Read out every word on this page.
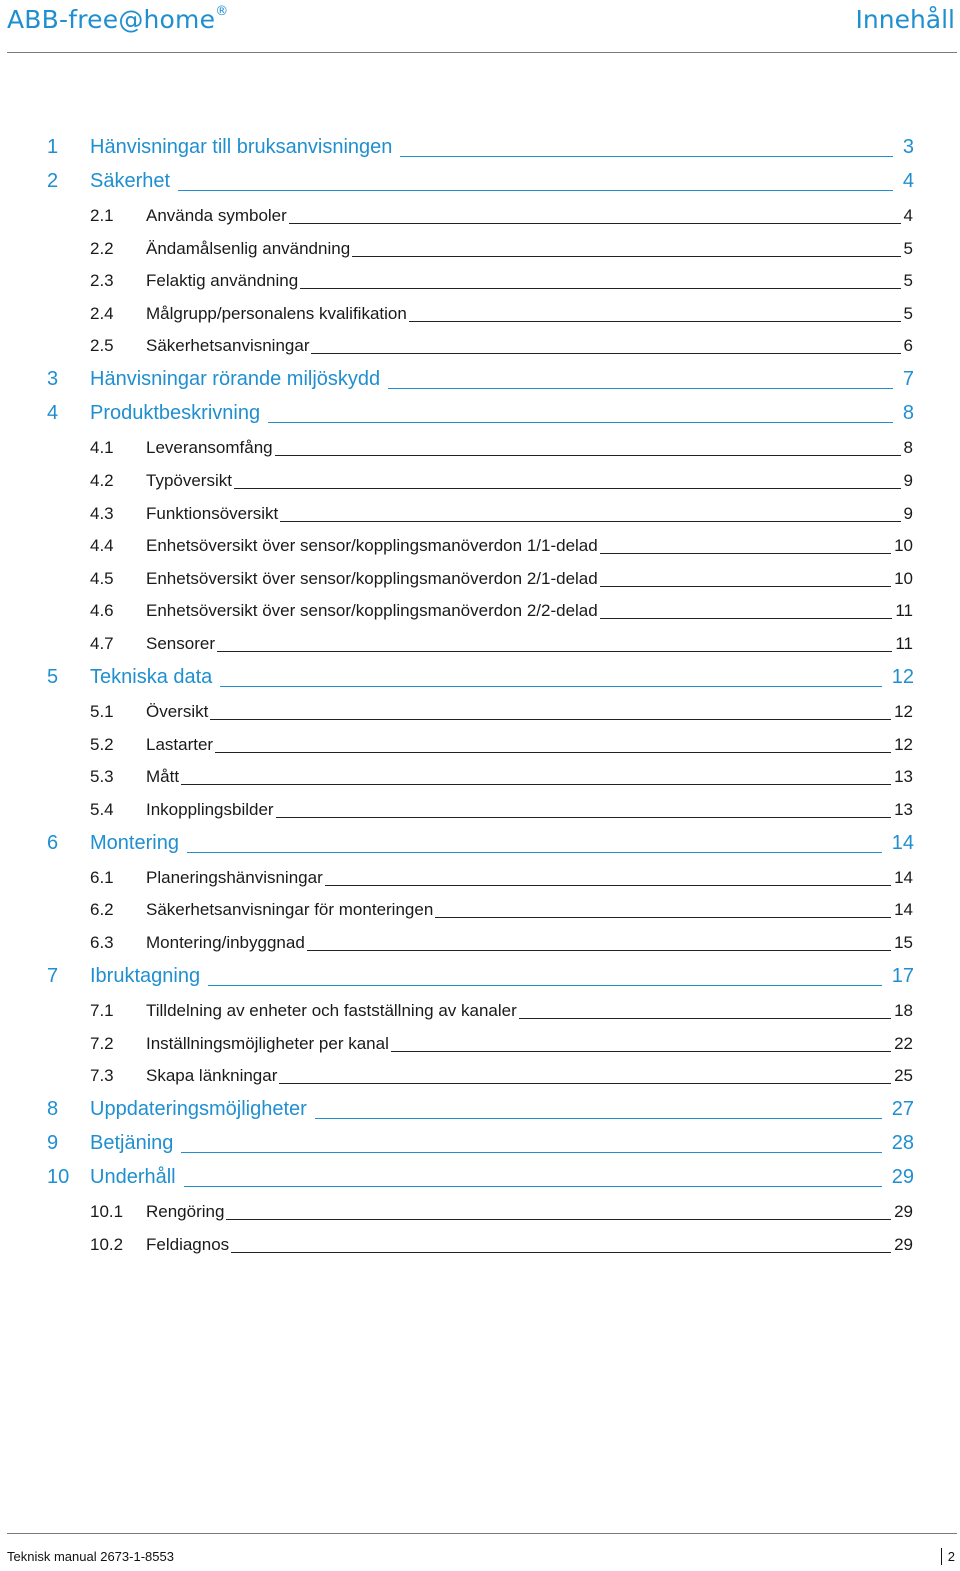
ABB-free@home®	Innehåll
1 Hänvisningar till bruksanvisningen	3
2 Säkerhet	4
2.1 Använda symboler	4
2.2 Ändamålsenlig användning	5
2.3 Felaktig användning	5
2.4 Målgrupp/personalens kvalifikation	5
2.5 Säkerhetsanvisningar	6
3 Hänvisningar rörande miljöskydd	7
4 Produktbeskrivning	8
4.1 Leveransomfång	8
4.2 Typöversikt	9
4.3 Funktionsöversikt	9
4.4 Enhetsöversikt över sensor/kopplingsmanöverdon 1/1-delad	10
4.5 Enhetsöversikt över sensor/kopplingsmanöverdon 2/1-delad	10
4.6 Enhetsöversikt över sensor/kopplingsmanöverdon 2/2-delad	11
4.7 Sensorer	11
5 Tekniska data	12
5.1 Översikt	12
5.2 Lastarter	12
5.3 Mått	13
5.4 Inkopplingsbilder	13
6 Montering	14
6.1 Planeringshänvisningar	14
6.2 Säkerhetsanvisningar för monteringen	14
6.3 Montering/inbyggnad	15
7 Ibruktagning	17
7.1 Tilldelning av enheter och fastställning av kanaler	18
7.2 Inställningsmöjligheter per kanal	22
7.3 Skapa länkningar	25
8 Uppdateringsmöjligheter	27
9 Betjäning	28
10 Underhåll	29
10.1 Rengöring	29
10.2 Feldiagnos	29
Teknisk manual 2673-1-8553	2
